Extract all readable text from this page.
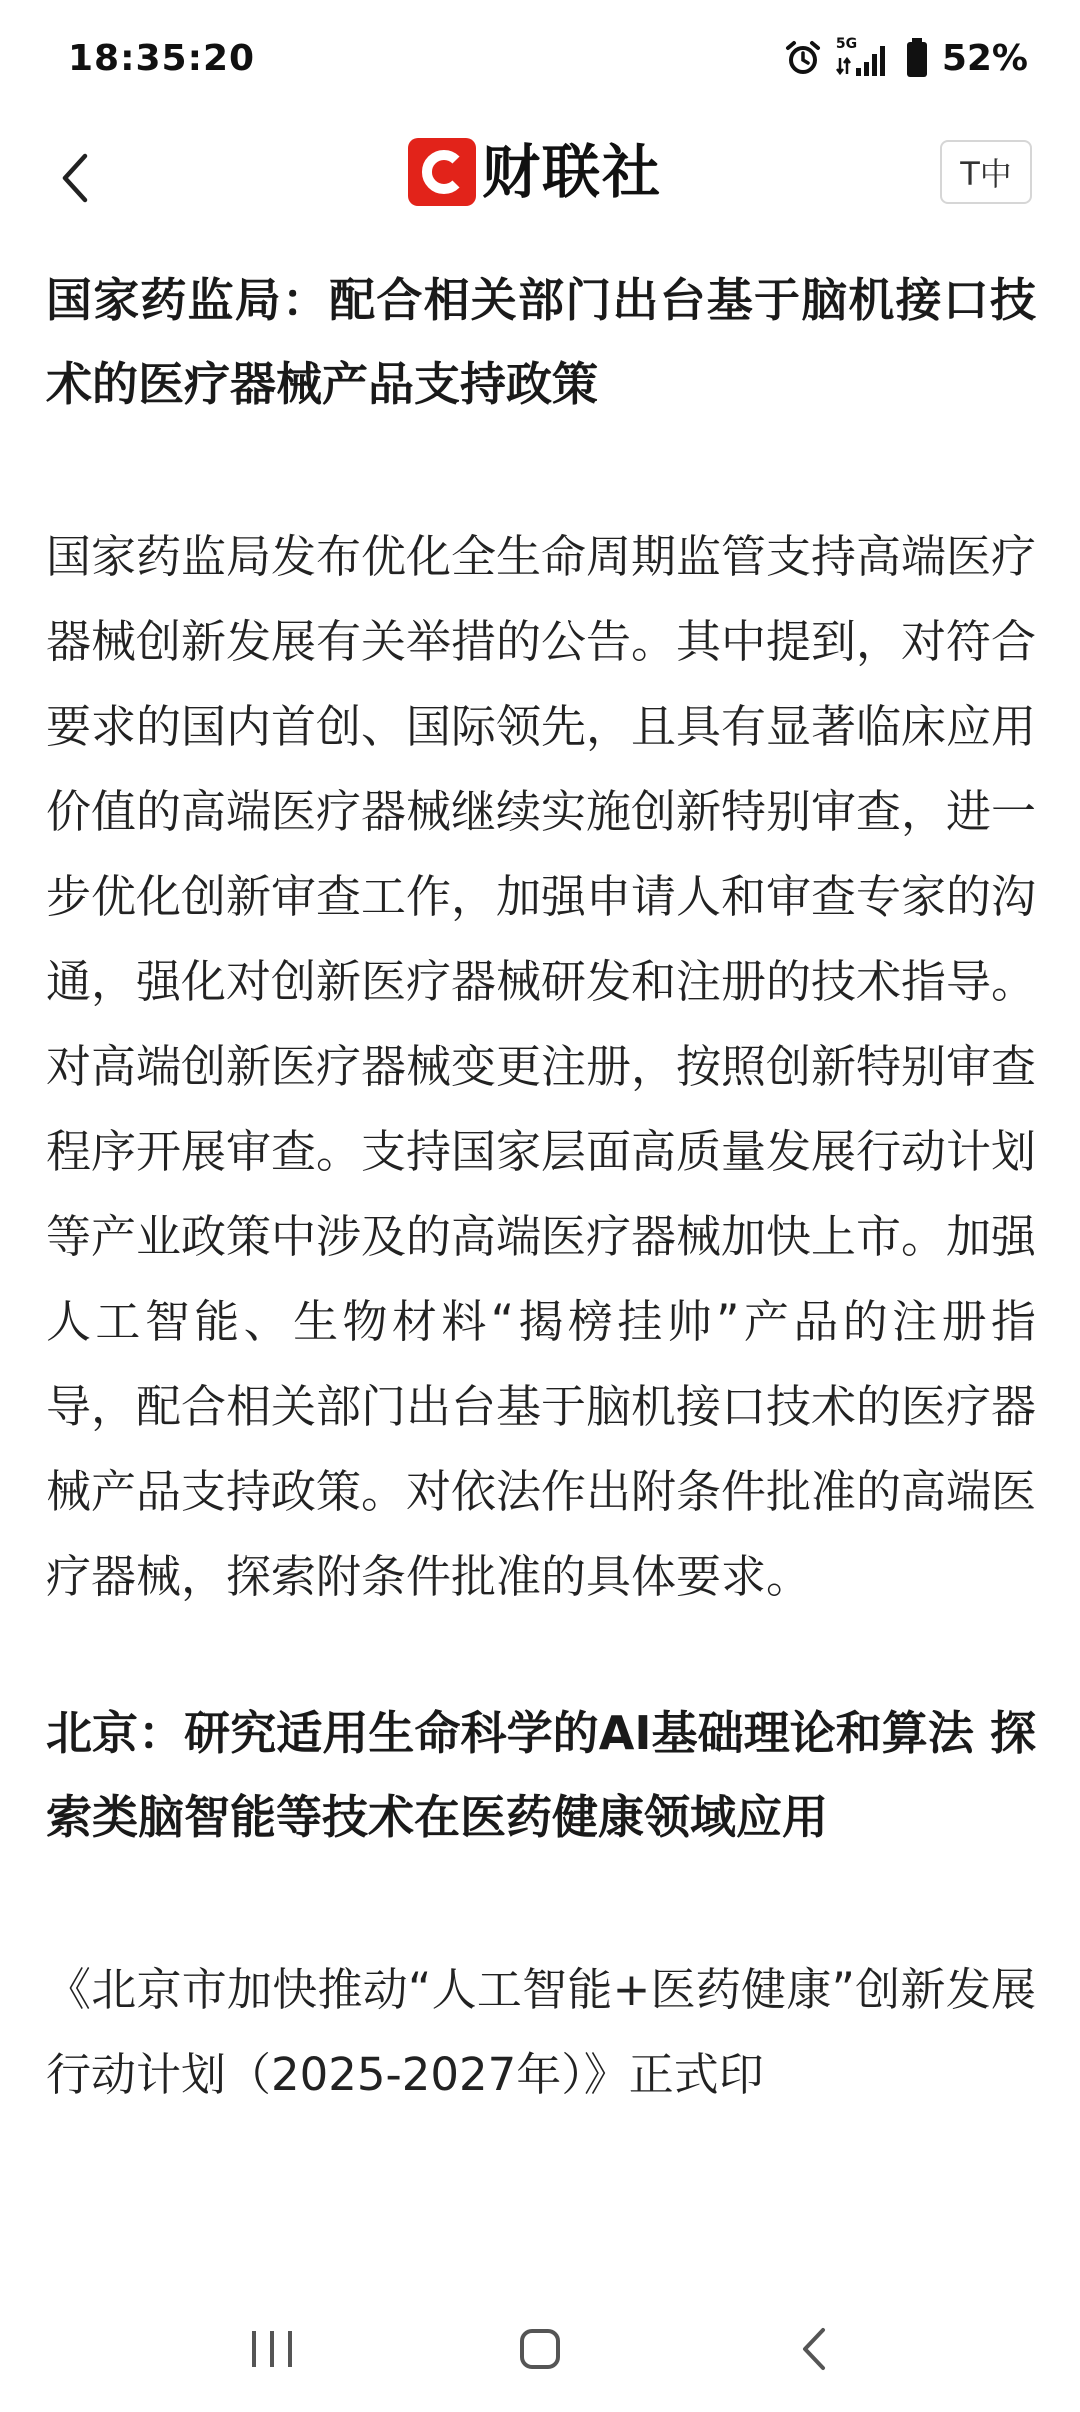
18:35:20	5G 52%
财联社	T中
国家药监局：配合相关部门出台基于脑机接口技术的医疗器械产品支持政策
国家药监局发布优化全生命周期监管支持高端医疗器械创新发展有关举措的公告。其中提到，对符合要求的国内首创、国际领先，且具有显著临床应用价值的高端医疗器械继续实施创新特别审查，进一步优化创新审查工作，加强申请人和审查专家的沟通，强化对创新医疗器械研发和注册的技术指导。对高端创新医疗器械变更注册，按照创新特别审查程序开展审查。支持国家层面高质量发展行动计划等产业政策中涉及的高端医疗器械加快上市。加强人工智能、生物材料“揭榜挂帅”产品的注册指导，配合相关部门出台基于脑机接口技术的医疗器械产品支持政策。对依法作出附条件批准的高端医疗器械，探索附条件批准的具体要求。
北京：研究适用生命科学的AI基础理论和算法 探索类脑智能等技术在医药健康领域应用
《北京市加快推动“人工智能+医药健康”创新发展行动计划（2025-2027年）》正式印
